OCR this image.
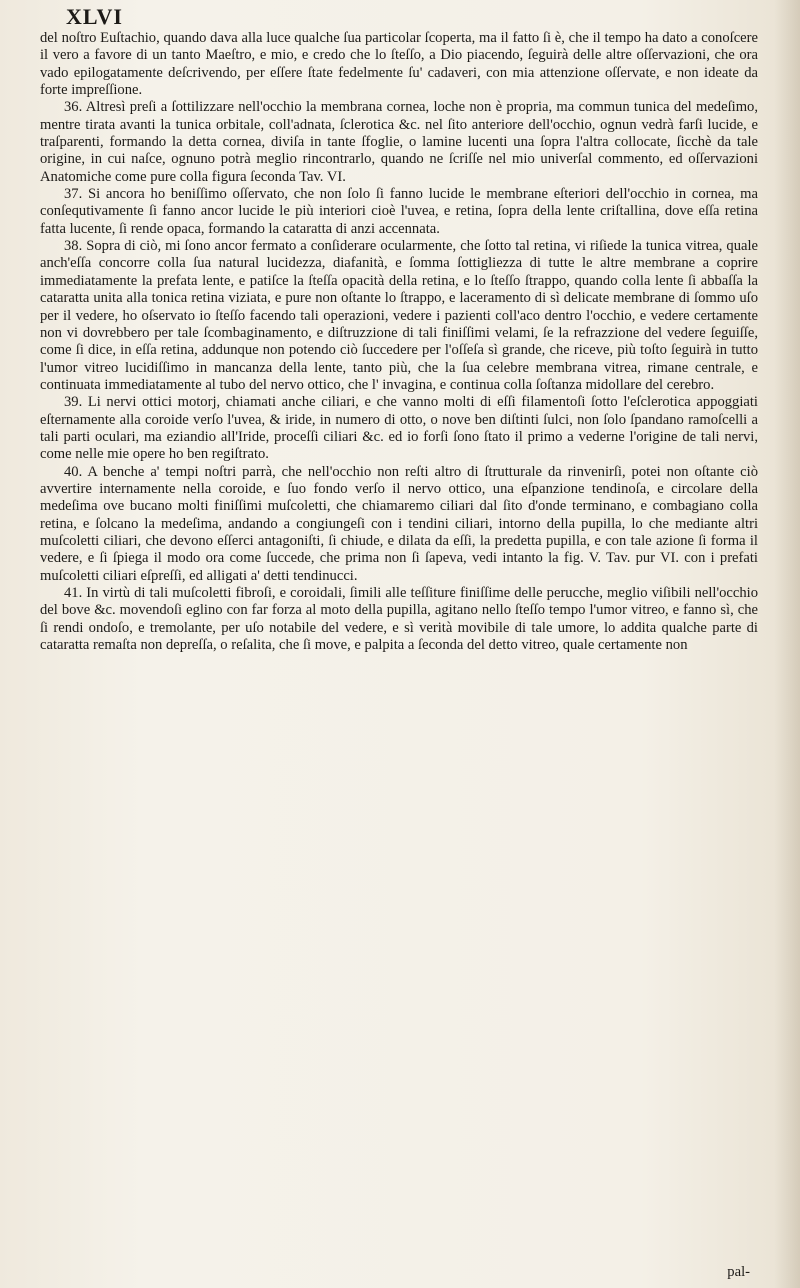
XLVI

del noſtro Euſtachio, quando dava alla luce qualche ſua particolar ſcoperta, ma il fatto ſi è, che il tempo ha dato a conoſcere il vero a favore di un tanto Maeſtro, e mio, e credo che lo ſteſſo, a Dio piacendo, ſeguirà delle altre oſſervazioni, che ora vado epilogatamente deſcrivendo, per eſſere ſtate fedelmente ſu' cadaveri, con mia attenzione oſſervate, e non ideate da forte impreſſione.

36. Altresì preſi a ſottilizzare nell'occhio la membrana cornea, loche non è propria, ma commun tunica del medeſimo, mentre tirata avanti la tunica orbitale, coll'adnata, ſclerotica &c. nel ſito anteriore dell'occhio, ognun vedrà farſi lucide, e traſparenti, formando la detta cornea, diviſa in tante ſfoglie, o lamine lucenti una ſopra l'altra collocate, ſicchè da tale origine, in cui naſce, ognuno potrà meglio rincontrarlo, quando ne ſcriſſe nel mio univerſal commento, ed oſſervazioni Anatomiche come pure colla figura ſeconda Tav. VI.

37. Si ancora ho beniſſimo oſſervato, che non ſolo ſi fanno lucide le membrane eſteriori dell'occhio in cornea, ma conſequtivamente ſi fanno ancor lucide le più interiori cioè l'uvea, e retina, ſopra della lente criſtallina, dove eſſa retina fatta lucente, ſi rende opaca, formando la cataratta di anzi accennata.

38. Sopra di ciò, mi ſono ancor fermato a conſiderare ocularmente, che ſotto tal retina, vi riſiede la tunica vitrea, quale anch'eſſa concorre colla ſua natural lucidezza, diafanità, e ſomma ſottigliezza di tutte le altre membrane a coprire immediatamente la prefata lente, e patiſce la ſteſſa opacità della retina, e lo ſteſſo ſtrappo, quando colla lente ſi abbaſſa la cataratta unita alla tonica retina viziata, e pure non oſtante lo ſtrappo, e laceramento di sì delicate membrane di ſommo uſo per il vedere, ho oſservato io ſteſſo facendo tali operazioni, vedere i pazienti coll'aco dentro l'occhio, e vedere certamente non vi dovrebbero per tale ſcombaginamento, e diſtruzzione di tali finiſſimi velami, ſe la refrazzione del vedere ſeguiſſe, come ſi dice, in eſſa retina, addunque non potendo ciò ſuccedere per l'oſſeſa sì grande, che riceve, più toſto ſeguirà in tutto l'umor vitreo lucidiſſimo in mancanza della lente, tanto più, che la ſua celebre membrana vitrea, rimane centrale, e continuata immediatamente al tubo del nervo ottico, che l' invagina, e continua colla ſoſtanza midollare del cerebro.

39. Li nervi ottici motorj, chiamati anche ciliari, e che vanno molti di eſſi filamentoſi ſotto l'eſclerotica appoggiati eſternamente alla coroide verſo l'uvea, & iride, in numero di otto, o nove ben diſtinti ſulci, non ſolo ſpandano ramoſcelli a tali parti oculari, ma eziandio all'Iride, proceſſi ciliari &c. ed io forſi ſono ſtato il primo a vederne l'origine de tali nervi, come nelle mie opere ho ben regiſtrato.

40. A benche a' tempi noſtri parrà, che nell'occhio non reſti altro di ſtrutturale da rinvenirſi, potei non oſtante ciò avvertire internamente nella coroide, e ſuo fondo verſo il nervo ottico, una eſpanzione tendinoſa, e circolare della medeſima ove bucano molti finiſſimi muſcoletti, che chiamaremo ciliari dal ſito d'onde terminano, e combagiano colla retina, e ſolcano la medeſima, andando a congiungeſi con i tendini ciliari, intorno della pupilla, lo che mediante altri muſcoletti ciliari, che devono eſſerci antagoniſti, ſi chiude, e dilata da eſſi, la predetta pupilla, e con tale azione ſi forma il vedere, e ſi ſpiega il modo ora come ſuccede, che prima non ſi ſapeva, vedi intanto la fig. V. Tav. pur VI. con i prefati muſcoletti ciliari eſpreſſi, ed alligati a' detti tendinucci.

41. In virtù di tali muſcoletti fibroſi, e coroidali, ſimili alle teſſiture finiſſime delle perucche, meglio viſibili nell'occhio del bove &c. movendoſi eglino con far forza al moto della pupilla, agitano nello ſteſſo tempo l'umor vitreo, e fanno sì, che ſi rendi ondoſo, e tremolante, per uſo notabile del vedere, e sì verità movibile di tale umore, lo addita qualche parte di cataratta remaſta non depreſſa, o reſalita, che ſi move, e palpita a ſeconda del detto vitreo, quale certamente non

pal-
